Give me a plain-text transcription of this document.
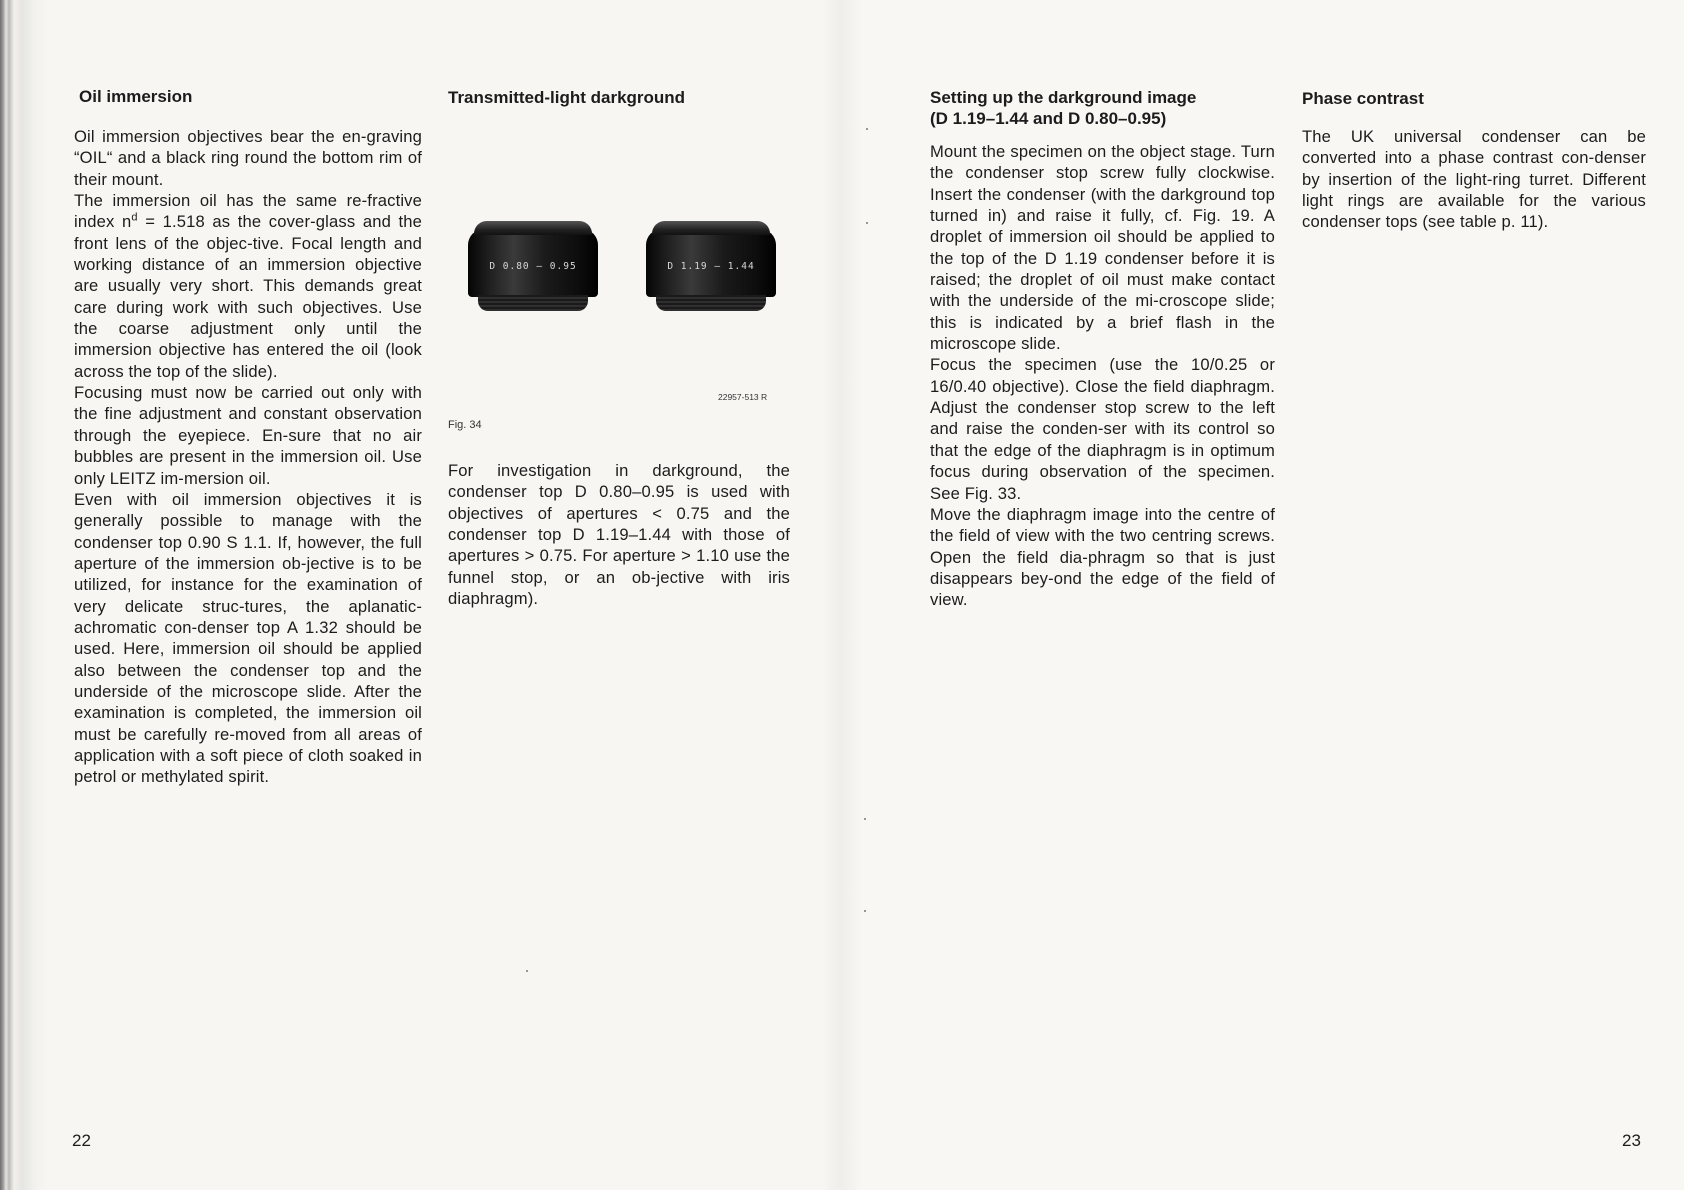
Oil immersion

Oil immersion objectives bear the en-graving “OIL“ and a black ring round the bottom rim of their mount.

The immersion oil has the same re-fractive index $n^d = 1.518$ as the cover-glass and the front lens of the objec-tive. Focal length and working distance of an immersion objective are usually very short. This demands great care during work with such objectives. Use the coarse adjustment only until the immersion objective has entered the oil (look across the top of the slide).

Focusing must now be carried out only with the fine adjustment and constant observation through the eyepiece. En-sure that no air bubbles are present in the immersion oil. Use only LEITZ im-mersion oil.

Even with oil immersion objectives it is generally possible to manage with the condenser top 0.90 S 1.1. If, however, the full aperture of the immersion ob-jective is to be utilized, for instance for the examination of very delicate struc-tures, the aplanatic-achromatic con-denser top A 1.32 should be used. Here, immersion oil should be applied also between the condenser top and the underside of the microscope slide. After the examination is completed, the immersion oil must be carefully re-moved from all areas of application with a soft piece of cloth soaked in petrol or methylated spirit.

Transmitted-light darkground

For investigation in darkground, the condenser top D 0.80–0.95 is used with objectives of apertures < 0.75 and the condenser top D 1.19–1.44 with those of apertures > 0.75. For aperture > 1.10 use the funnel stop, or an ob-jective with iris diaphragm).

D 0.80 – 0.95	D 1.19 – 1.44
22957-513 R
Fig. 34
22
Setting up the darkground image
(D 1.19–1.44 and D 0.80–0.95)

Mount the specimen on the object stage. Turn the condenser stop screw fully clockwise. Insert the condenser (with the darkground top turned in) and raise it fully, cf. Fig. 19. A droplet of immersion oil should be applied to the top of the D 1.19 condenser before it is raised; the droplet of oil must make contact with the underside of the mi-croscope slide; this is indicated by a brief flash in the microscope slide.

Focus the specimen (use the 10/0.25 or 16/0.40 objective). Close the field diaphragm. Adjust the condenser stop screw to the left and raise the conden-ser with its control so that the edge of the diaphragm is in optimum focus during observation of the specimen. See Fig. 33.

Move the diaphragm image into the centre of the field of view with the two centring screws. Open the field dia-phragm so that is just disappears bey-ond the edge of the field of view.

Phase contrast

The UK universal condenser can be converted into a phase contrast con-denser by insertion of the light-ring turret. Different light rings are available for the various condenser tops (see table p. 11).

23
